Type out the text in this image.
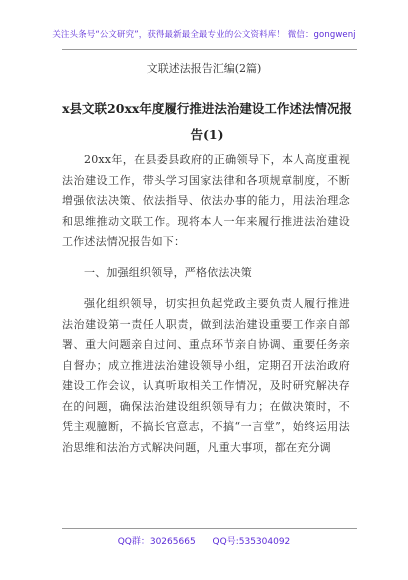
关注头条号“公文研究”，获得最新最全最专业的公文资料库！ 微信：gongwenj
文联述法报告汇编(2篇)
x县文联20xx年度履行推进法治建设工作述法情况报告(1)

20xx年，在县委县政府的正确领导下，本人高度重视法治建设工作，带头学习国家法律和各项规章制度，不断增强依法决策、依法指导、依法办事的能力，用法治理念和思维推动文联工作。现将本人一年来履行推进法治建设工作述法情况报告如下：

一、加强组织领导，严格依法决策

强化组织领导，切实担负起党政主要负责人履行推进法治建设第一责任人职责，做到法治建设重要工作亲自部署、重大问题亲自过问、重点环节亲自协调、重要任务亲自督办；成立推进法治建设领导小组，定期召开法治政府建设工作会议，认真听取相关工作情况，及时研究解决存在的问题，确保法治建设组织领导有力；在做决策时，不凭主观臆断，不搞长官意志，不搞“一言堂”，始终运用法治思维和法治方式解决问题，凡重大事项，都在充分调

QQ群：30265665 QQ号:535304092
